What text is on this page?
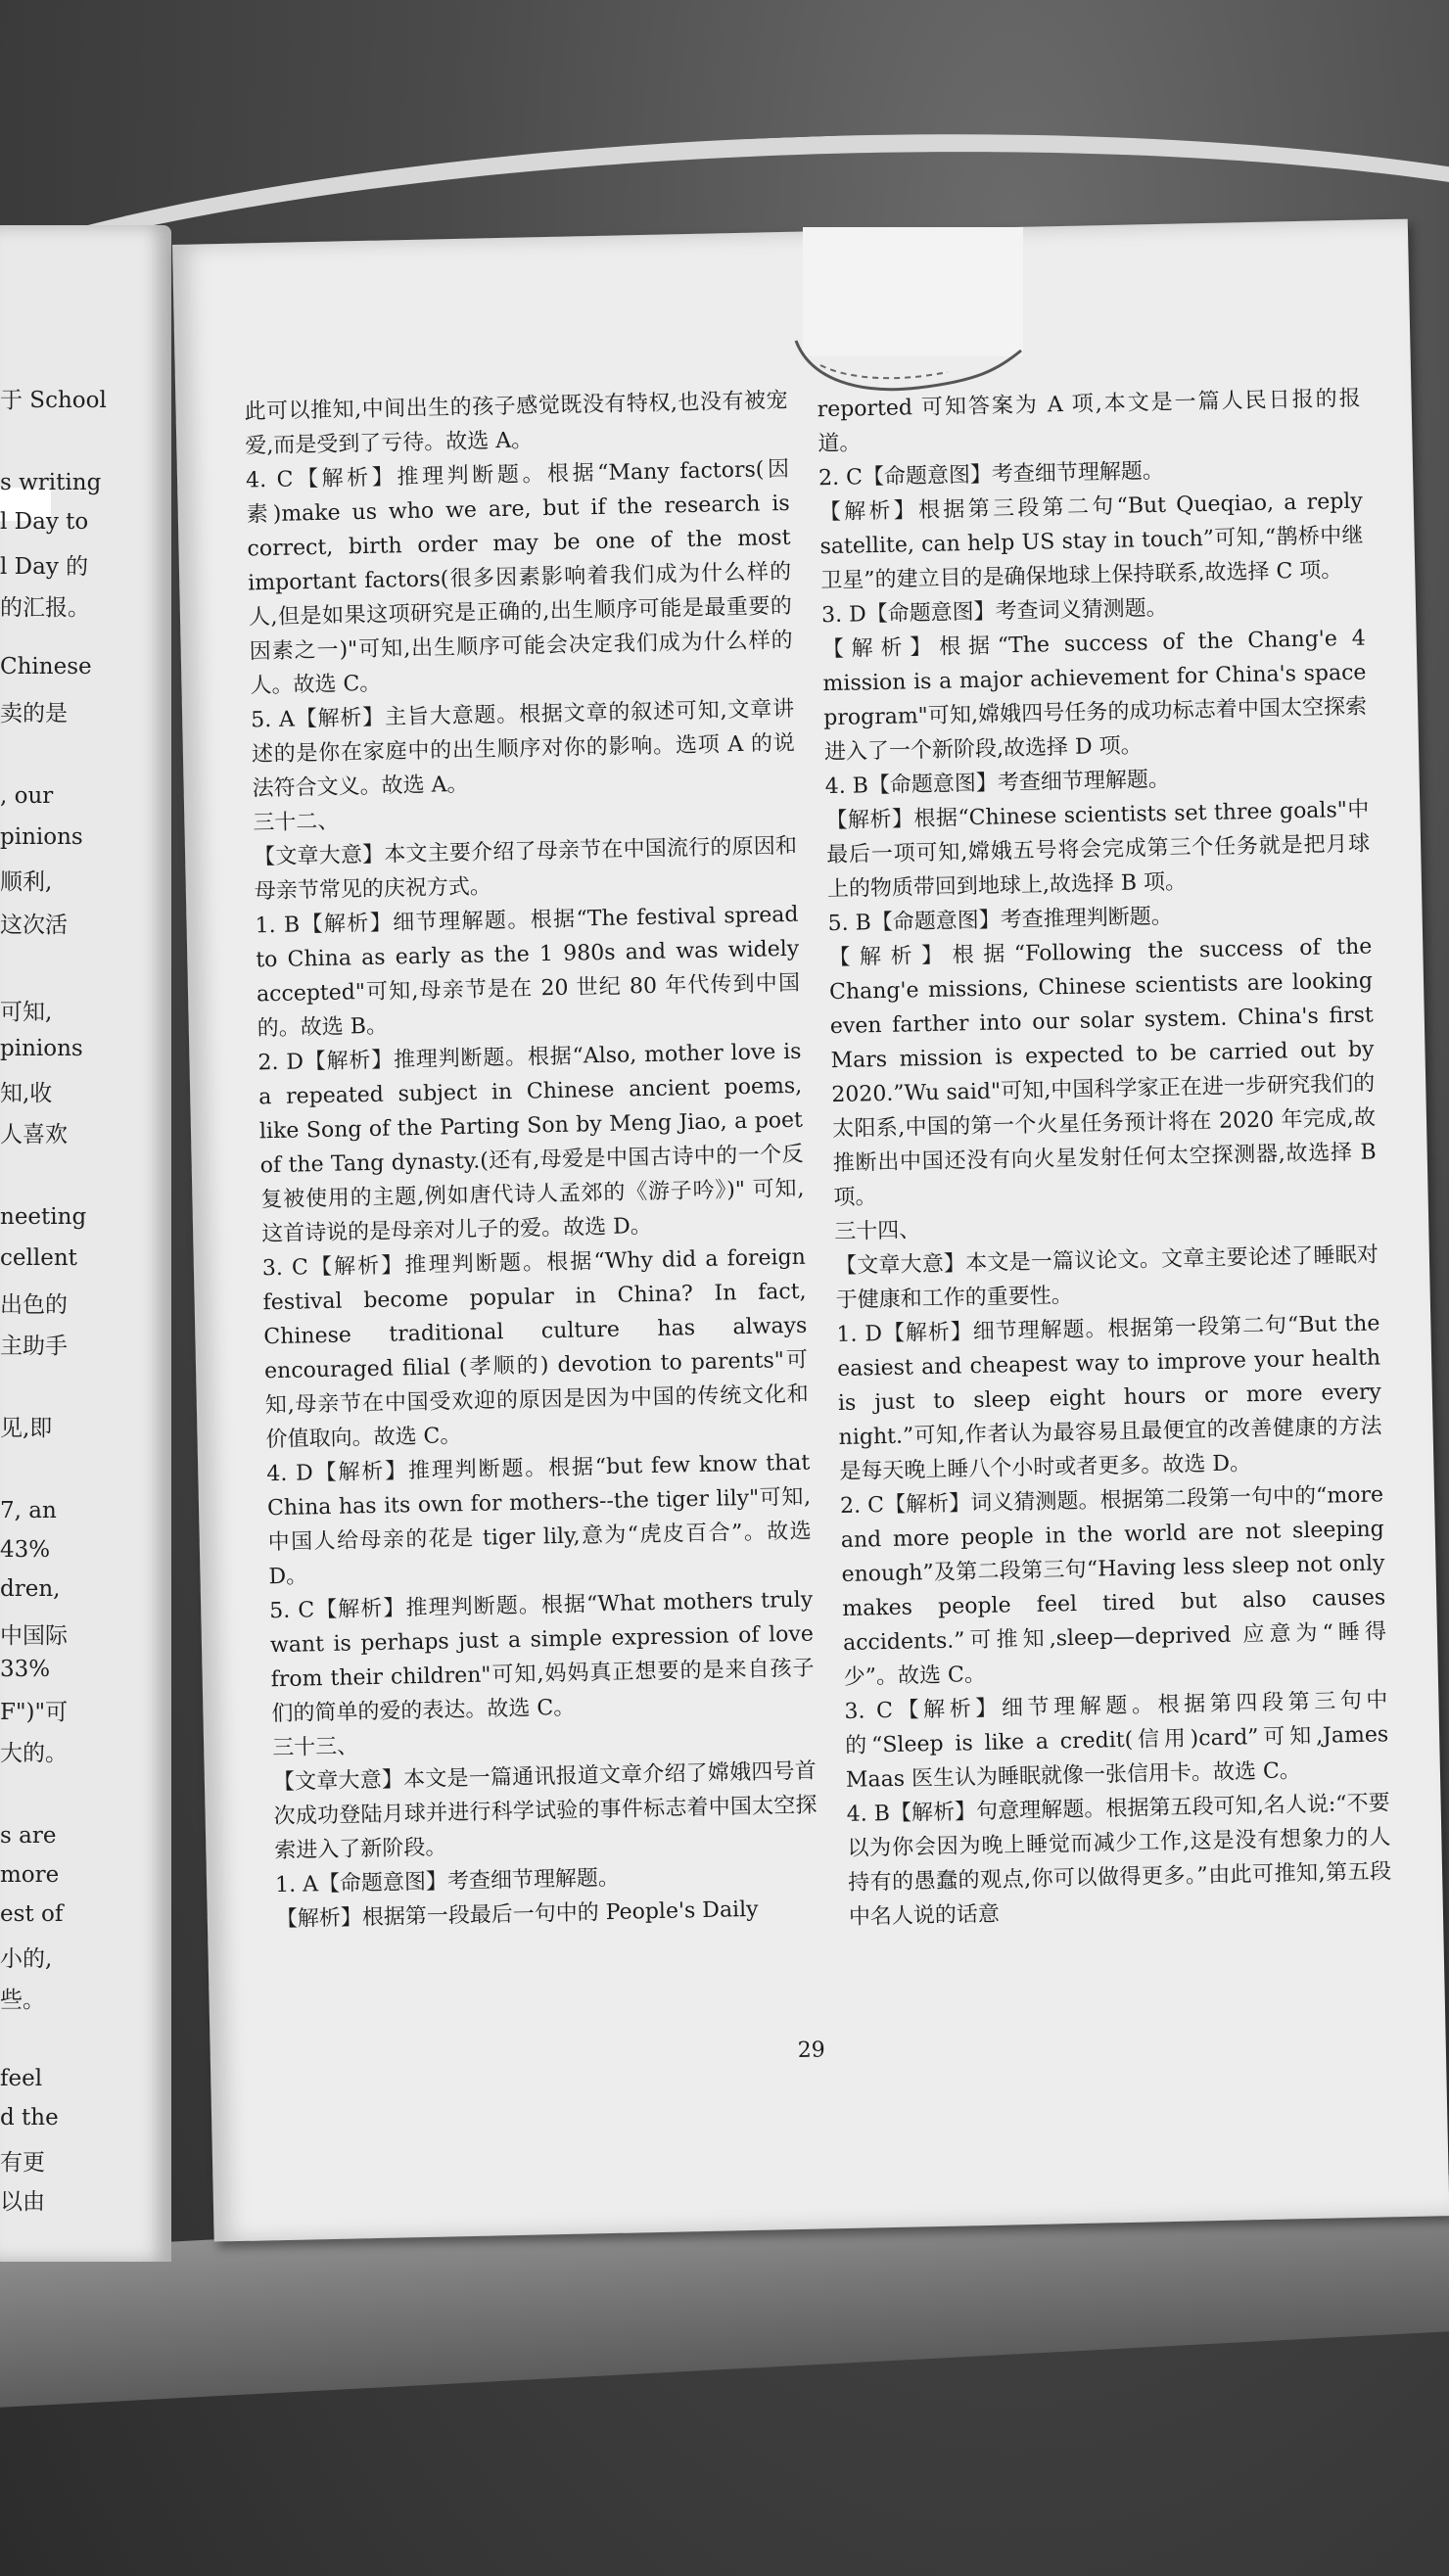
于 School
s writing
l Day to
l Day 的
的汇报。
Chinese
卖的是
, our
pinions
顺利,
这次活
可知,
pinions
知,收
人喜欢
neeting
cellent
出色的
主助手
见,即
7, an
43%
dren,
中国际
33%
F")"可
大的。
s are
more
est of
小的,
些。
feel
d the
有更
以由

此可以推知,中间出生的孩子感觉既没有特权,也没有被宠爱,而是受到了亏待。故选 A。

4. C【解析】推理判断题。根据“Many factors(因素)make us who we are, but if the research is correct, birth order may be one of the most important factors(很多因素影响着我们成为什么样的人,但是如果这项研究是正确的,出生顺序可能是最重要的因素之一)"可知,出生顺序可能会决定我们成为什么样的人。故选 C。

5. A【解析】主旨大意题。根据文章的叙述可知,文章讲述的是你在家庭中的出生顺序对你的影响。选项 A 的说法符合文义。故选 A。

三十二、

【文章大意】本文主要介绍了母亲节在中国流行的原因和母亲节常见的庆祝方式。

1. B【解析】细节理解题。根据“The festival spread to China as early as the 1 980s and was widely accepted"可知,母亲节是在 20 世纪 80 年代传到中国的。故选 B。

2. D【解析】推理判断题。根据“Also, mother love is a repeated subject in Chinese ancient poems, like Song of the Parting Son by Meng Jiao, a poet of the Tang dynasty.(还有,母爱是中国古诗中的一个反复被使用的主题,例如唐代诗人孟郊的《游子吟》)" 可知,这首诗说的是母亲对儿子的爱。故选 D。

3. C【解析】推理判断题。根据“Why did a foreign festival become popular in China? In fact, Chinese traditional culture has always encouraged filial (孝顺的) devotion to parents"可知,母亲节在中国受欢迎的原因是因为中国的传统文化和价值取向。故选 C。

4. D【解析】推理判断题。根据“but few know that China has its own for mothers--the tiger lily"可知,中国人给母亲的花是 tiger lily,意为“虎皮百合”。故选 D。

5. C【解析】推理判断题。根据“What mothers truly want is perhaps just a simple expression of love from their children"可知,妈妈真正想要的是来自孩子们的简单的爱的表达。故选 C。

三十三、

【文章大意】本文是一篇通讯报道文章介绍了嫦娥四号首次成功登陆月球并进行科学试验的事件标志着中国太空探索进入了新阶段。

1. A【命题意图】考查细节理解题。

【解析】根据第一段最后一句中的 People's Daily

reported 可知答案为 A 项,本文是一篇人民日报的报道。

2. C【命题意图】考查细节理解题。

【解析】根据第三段第二句“But Queqiao, a reply satellite, can help US stay in touch”可知,“鹊桥中继卫星”的建立目的是确保地球上保持联系,故选择 C 项。

3. D【命题意图】考查词义猜测题。

【解析】根据“The success of the Chang'e 4 mission is a major achievement for China's space program"可知,嫦娥四号任务的成功标志着中国太空探索进入了一个新阶段,故选择 D 项。

4. B【命题意图】考查细节理解题。

【解析】根据“Chinese scientists set three goals"中最后一项可知,嫦娥五号将会完成第三个任务就是把月球上的物质带回到地球上,故选择 B 项。

5. B【命题意图】考查推理判断题。

【解析】根据“Following the success of the Chang'e missions, Chinese scientists are looking even farther into our solar system. China's first Mars mission is expected to be carried out by 2020.”Wu said"可知,中国科学家正在进一步研究我们的太阳系,中国的第一个火星任务预计将在 2020 年完成,故推断出中国还没有向火星发射任何太空探测器,故选择 B 项。

三十四、

【文章大意】本文是一篇议论文。文章主要论述了睡眠对于健康和工作的重要性。

1. D【解析】细节理解题。根据第一段第二句“But the easiest and cheapest way to improve your health is just to sleep eight hours or more every night.”可知,作者认为最容易且最便宜的改善健康的方法是每天晚上睡八个小时或者更多。故选 D。

2. C【解析】词义猜测题。根据第二段第一句中的“more and more people in the world are not sleeping enough”及第二段第三句“Having less sleep not only makes people feel tired but also causes accidents.”可推知,sleep—deprived 应意为“睡得少”。故选 C。

3. C【解析】细节理解题。根据第四段第三句中的“Sleep is like a credit(信用)card”可知,James Maas 医生认为睡眠就像一张信用卡。故选 C。

4. B【解析】句意理解题。根据第五段可知,名人说:“不要以为你会因为晚上睡觉而减少工作,这是没有想象力的人持有的愚蠢的观点,你可以做得更多。”由此可推知,第五段中名人说的话意

29
